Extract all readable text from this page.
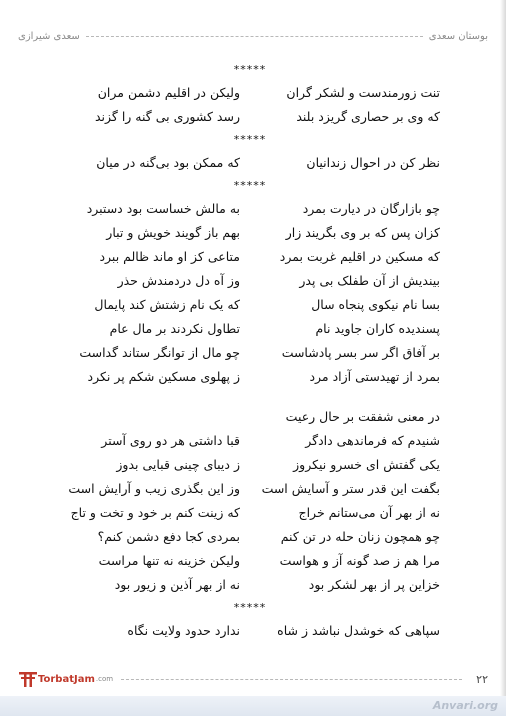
بوستان سعدی
سعدی شیرازی
*****
تنت زورمندست و لشکر گران
ولیکن در اقلیم دشمن مران
که وی بر حصاری گریزد بلند
رسد کشوری بی گنه را گزند
*****
نظر کن در احوال زندانیان
که ممکن بود بی‌گنه در میان
*****
چو بازارگان در دیارت بمرد
به مالش خساست بود دستبرد
کزان پس که بر وی بگریند زار
بهم باز گویند خویش و تبار
که مسکین در اقلیم غربت بمرد
متاعی کز او ماند ظالم ببرد
بیندیش از آن طفلک بی پدر
وز آه دل دردمندش حذر
بسا نام نیکوی پنجاه سال
که یک نام زشتش کند پایمال
پسندیده کاران جاوید نام
تطاول نکردند بر مال عام
بر آفاق اگر سر بسر پادشاست
چو مال از توانگر ستاند گداست
بمرد از تهیدستی آزاد مرد
ز پهلوی مسکین شکم پر نکرد
در معنی شفقت بر حال رعیت
شنیدم که فرماندهی دادگر
قبا داشتی هر دو روی آستر
یکی گفتش ای خسرو نیکروز
ز دیبای چینی قبایی بدوز
بگفت این قدر ستر و آسایش است
وز این بگذری زیب و آرایش است
نه از بهر آن می‌ستانم خراج
که زینت کنم بر خود و تخت و تاج
چو همچون زنان حله در تن کنم
بمردی کجا دفع دشمن کنم؟
مرا هم ز صد گونه آز و هواست
ولیکن خزینه نه تنها مراست
خزاین پر از بهر لشکر بود
نه از بهر آذین و زیور بود
*****
سپاهی که خوشدل نباشد ز شاه
ندارد حدود ولایت نگاه
۲۲
TorbatJam .com
Anvari.org
